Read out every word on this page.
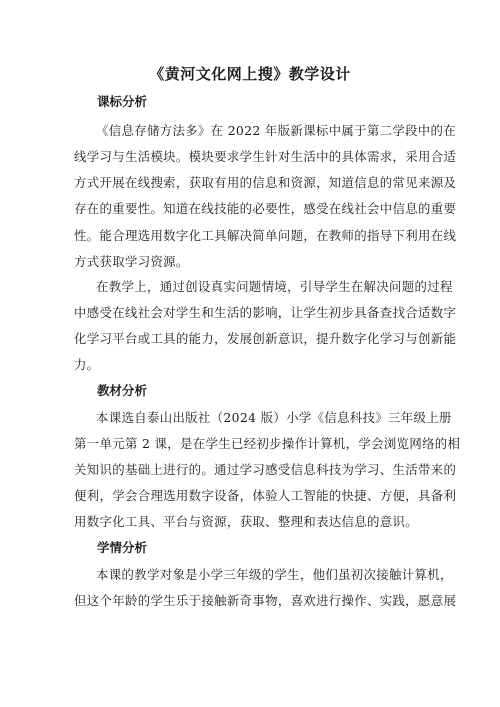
《黄河文化网上搜》教学设计
课标分析
《信息存储方法多》在 2022 年版新课标中属于第二学段中的在
线学习与生活模块。模块要求学生针对生活中的具体需求，采用合适
方式开展在线搜索，获取有用的信息和资源，知道信息的常见来源及
存在的重要性。知道在线技能的必要性，感受在线社会中信息的重要
性。能合理选用数字化工具解决简单问题，在教师的指导下利用在线
方式获取学习资源。
在教学上，通过创设真实问题情境，引导学生在解决问题的过程
中感受在线社会对学生和生活的影响，让学生初步具备查找合适数字
化学习平台或工具的能力，发展创新意识，提升数字化学习与创新能
力。
教材分析
本课选自泰山出版社（2024 版）小学《信息科技》三年级上册
第一单元第 2 课，是在学生已经初步操作计算机，学会浏览网络的相
关知识的基础上进行的。通过学习感受信息科技为学习、生活带来的
便利，学会合理选用数字设备，体验人工智能的快捷、方便，具备利
用数字化工具、平台与资源，获取、整理和表达信息的意识。
学情分析
本课的教学对象是小学三年级的学生，他们虽初次接触计算机，
但这个年龄的学生乐于接触新奇事物，喜欢进行操作、实践，愿意展
